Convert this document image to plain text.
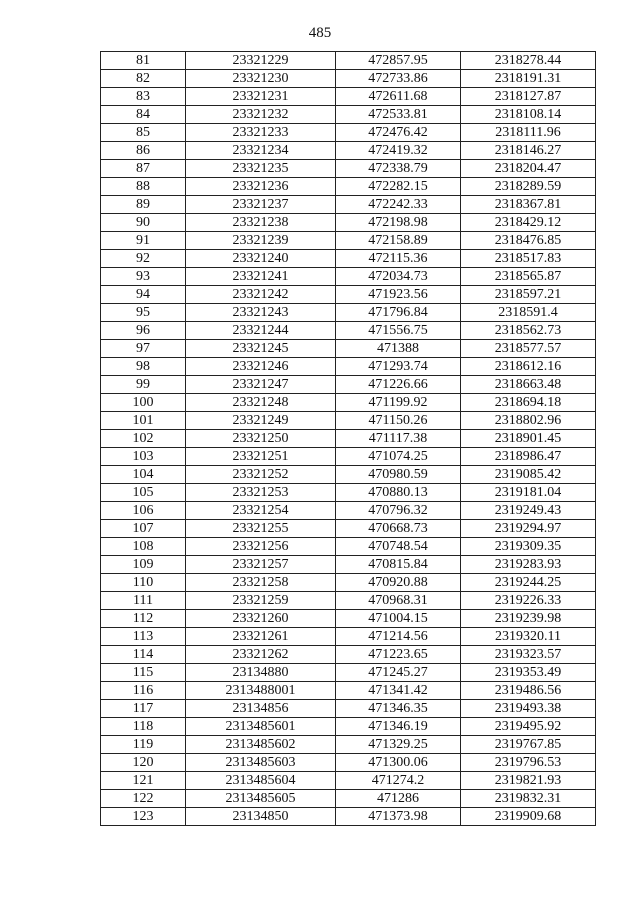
485
81	23321229	472857.95	2318278.44
82	23321230	472733.86	2318191.31
83	23321231	472611.68	2318127.87
84	23321232	472533.81	2318108.14
85	23321233	472476.42	2318111.96
86	23321234	472419.32	2318146.27
87	23321235	472338.79	2318204.47
88	23321236	472282.15	2318289.59
89	23321237	472242.33	2318367.81
90	23321238	472198.98	2318429.12
91	23321239	472158.89	2318476.85
92	23321240	472115.36	2318517.83
93	23321241	472034.73	2318565.87
94	23321242	471923.56	2318597.21
95	23321243	471796.84	2318591.4
96	23321244	471556.75	2318562.73
97	23321245	471388	2318577.57
98	23321246	471293.74	2318612.16
99	23321247	471226.66	2318663.48
100	23321248	471199.92	2318694.18
101	23321249	471150.26	2318802.96
102	23321250	471117.38	2318901.45
103	23321251	471074.25	2318986.47
104	23321252	470980.59	2319085.42
105	23321253	470880.13	2319181.04
106	23321254	470796.32	2319249.43
107	23321255	470668.73	2319294.97
108	23321256	470748.54	2319309.35
109	23321257	470815.84	2319283.93
110	23321258	470920.88	2319244.25
111	23321259	470968.31	2319226.33
112	23321260	471004.15	2319239.98
113	23321261	471214.56	2319320.11
114	23321262	471223.65	2319323.57
115	23134880	471245.27	2319353.49
116	2313488001	471341.42	2319486.56
117	23134856	471346.35	2319493.38
118	2313485601	471346.19	2319495.92
119	2313485602	471329.25	2319767.85
120	2313485603	471300.06	2319796.53
121	2313485604	471274.2	2319821.93
122	2313485605	471286	2319832.31
123	23134850	471373.98	2319909.68
